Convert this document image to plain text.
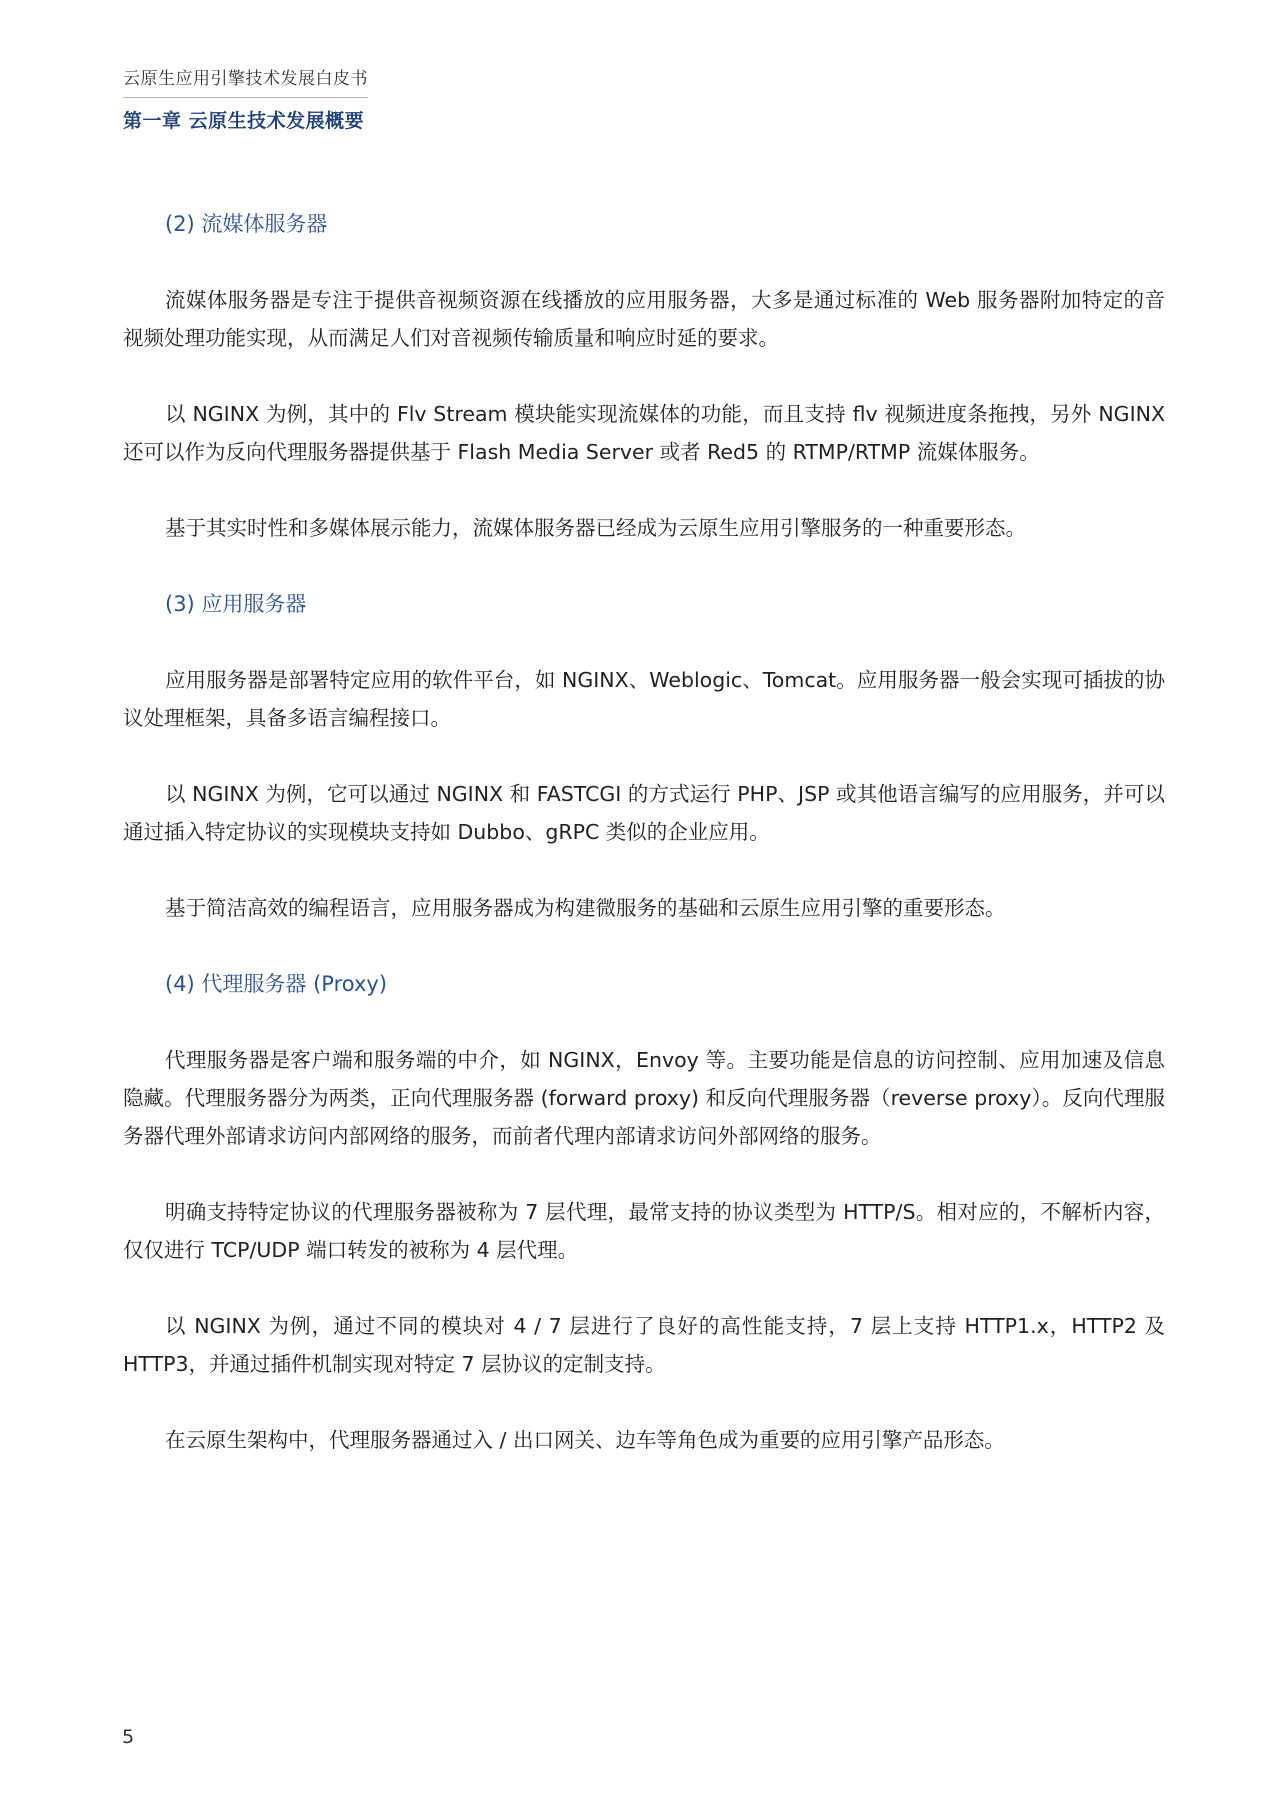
云原生应用引擎技术发展白皮书
第一章 云原生技术发展概要
(2) 流媒体服务器

流媒体服务器是专注于提供音视频资源在线播放的应用服务器，大多是通过标准的 Web 服务器附加特定的音视频处理功能实现，从而满足人们对音视频传输质量和响应时延的要求。

以 NGINX 为例，其中的 Flv Stream 模块能实现流媒体的功能，而且支持 flv 视频进度条拖拽，另外 NGINX 还可以作为反向代理服务器提供基于 Flash Media Server 或者 Red5 的 RTMP/RTMP 流媒体服务。

基于其实时性和多媒体展示能力，流媒体服务器已经成为云原生应用引擎服务的一种重要形态。

(3) 应用服务器

应用服务器是部署特定应用的软件平台，如 NGINX、Weblogic、Tomcat。应用服务器一般会实现可插拔的协议处理框架，具备多语言编程接口。

以 NGINX 为例，它可以通过 NGINX 和 FASTCGI 的方式运行 PHP、JSP 或其他语言编写的应用服务，并可以通过插入特定协议的实现模块支持如 Dubbo、gRPC 类似的企业应用。

基于简洁高效的编程语言，应用服务器成为构建微服务的基础和云原生应用引擎的重要形态。

(4) 代理服务器 (Proxy)

代理服务器是客户端和服务端的中介，如 NGINX，Envoy 等。主要功能是信息的访问控制、应用加速及信息隐藏。代理服务器分为两类，正向代理服务器 (forward proxy) 和反向代理服务器（reverse proxy）。反向代理服务器代理外部请求访问内部网络的服务，而前者代理内部请求访问外部网络的服务。

明确支持特定协议的代理服务器被称为 7 层代理，最常支持的协议类型为 HTTP/S。相对应的，不解析内容，仅仅进行 TCP/UDP 端口转发的被称为 4 层代理。

以 NGINX 为例，通过不同的模块对 4 / 7 层进行了良好的高性能支持，7 层上支持 HTTP1.x，HTTP2 及 HTTP3，并通过插件机制实现对特定 7 层协议的定制支持。

在云原生架构中，代理服务器通过入 / 出口网关、边车等角色成为重要的应用引擎产品形态。

5
